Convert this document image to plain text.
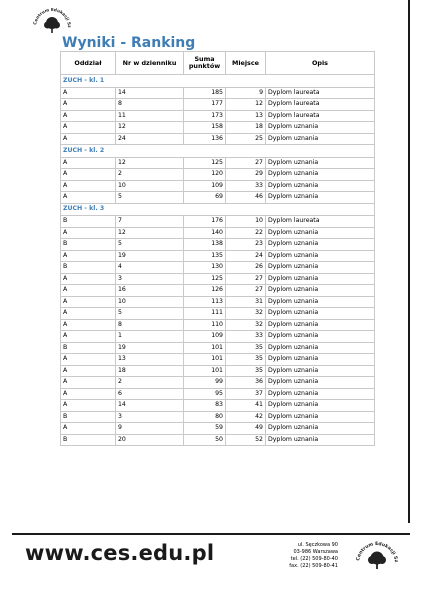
Centrum Edukacji Sz
Wyniki - Ranking
Oddział	Nr w dzienniku	Suma punktów	Miejsce	Opis
ZUCH - kl. 1				
A	14	185	9	Dyplom laureata
A	8	177	12	Dyplom laureata
A	11	173	13	Dyplom laureata
A	12	158	18	Dyplom uznania
A	24	136	25	Dyplom uznania
ZUCH - kl. 2				
A	12	125	27	Dyplom uznania
A	2	120	29	Dyplom uznania
A	10	109	33	Dyplom uznania
A	5	69	46	Dyplom uznania
ZUCH - kl. 3				
B	7	176	10	Dyplom laureata
A	12	140	22	Dyplom uznania
B	5	138	23	Dyplom uznania
A	19	135	24	Dyplom uznania
B	4	130	26	Dyplom uznania
A	3	125	27	Dyplom uznania
A	16	126	27	Dyplom uznania
A	10	113	31	Dyplom uznania
A	5	111	32	Dyplom uznania
A	8	110	32	Dyplom uznania
A	1	109	33	Dyplom uznania
B	19	101	35	Dyplom uznania
A	13	101	35	Dyplom uznania
A	18	101	35	Dyplom uznania
A	2	99	36	Dyplom uznania
A	6	95	37	Dyplom uznania
A	14	83	41	Dyplom uznania
B	3	80	42	Dyplom uznania
A	9	59	49	Dyplom uznania
B	20	50	52	Dyplom uznania
www.ces.edu.pl	ul. Sęczkowa 90
03-986 Warszawa
tel. (22) 509-80-40
fax. (22) 509-80-41
Centrum Edukacji Sz
